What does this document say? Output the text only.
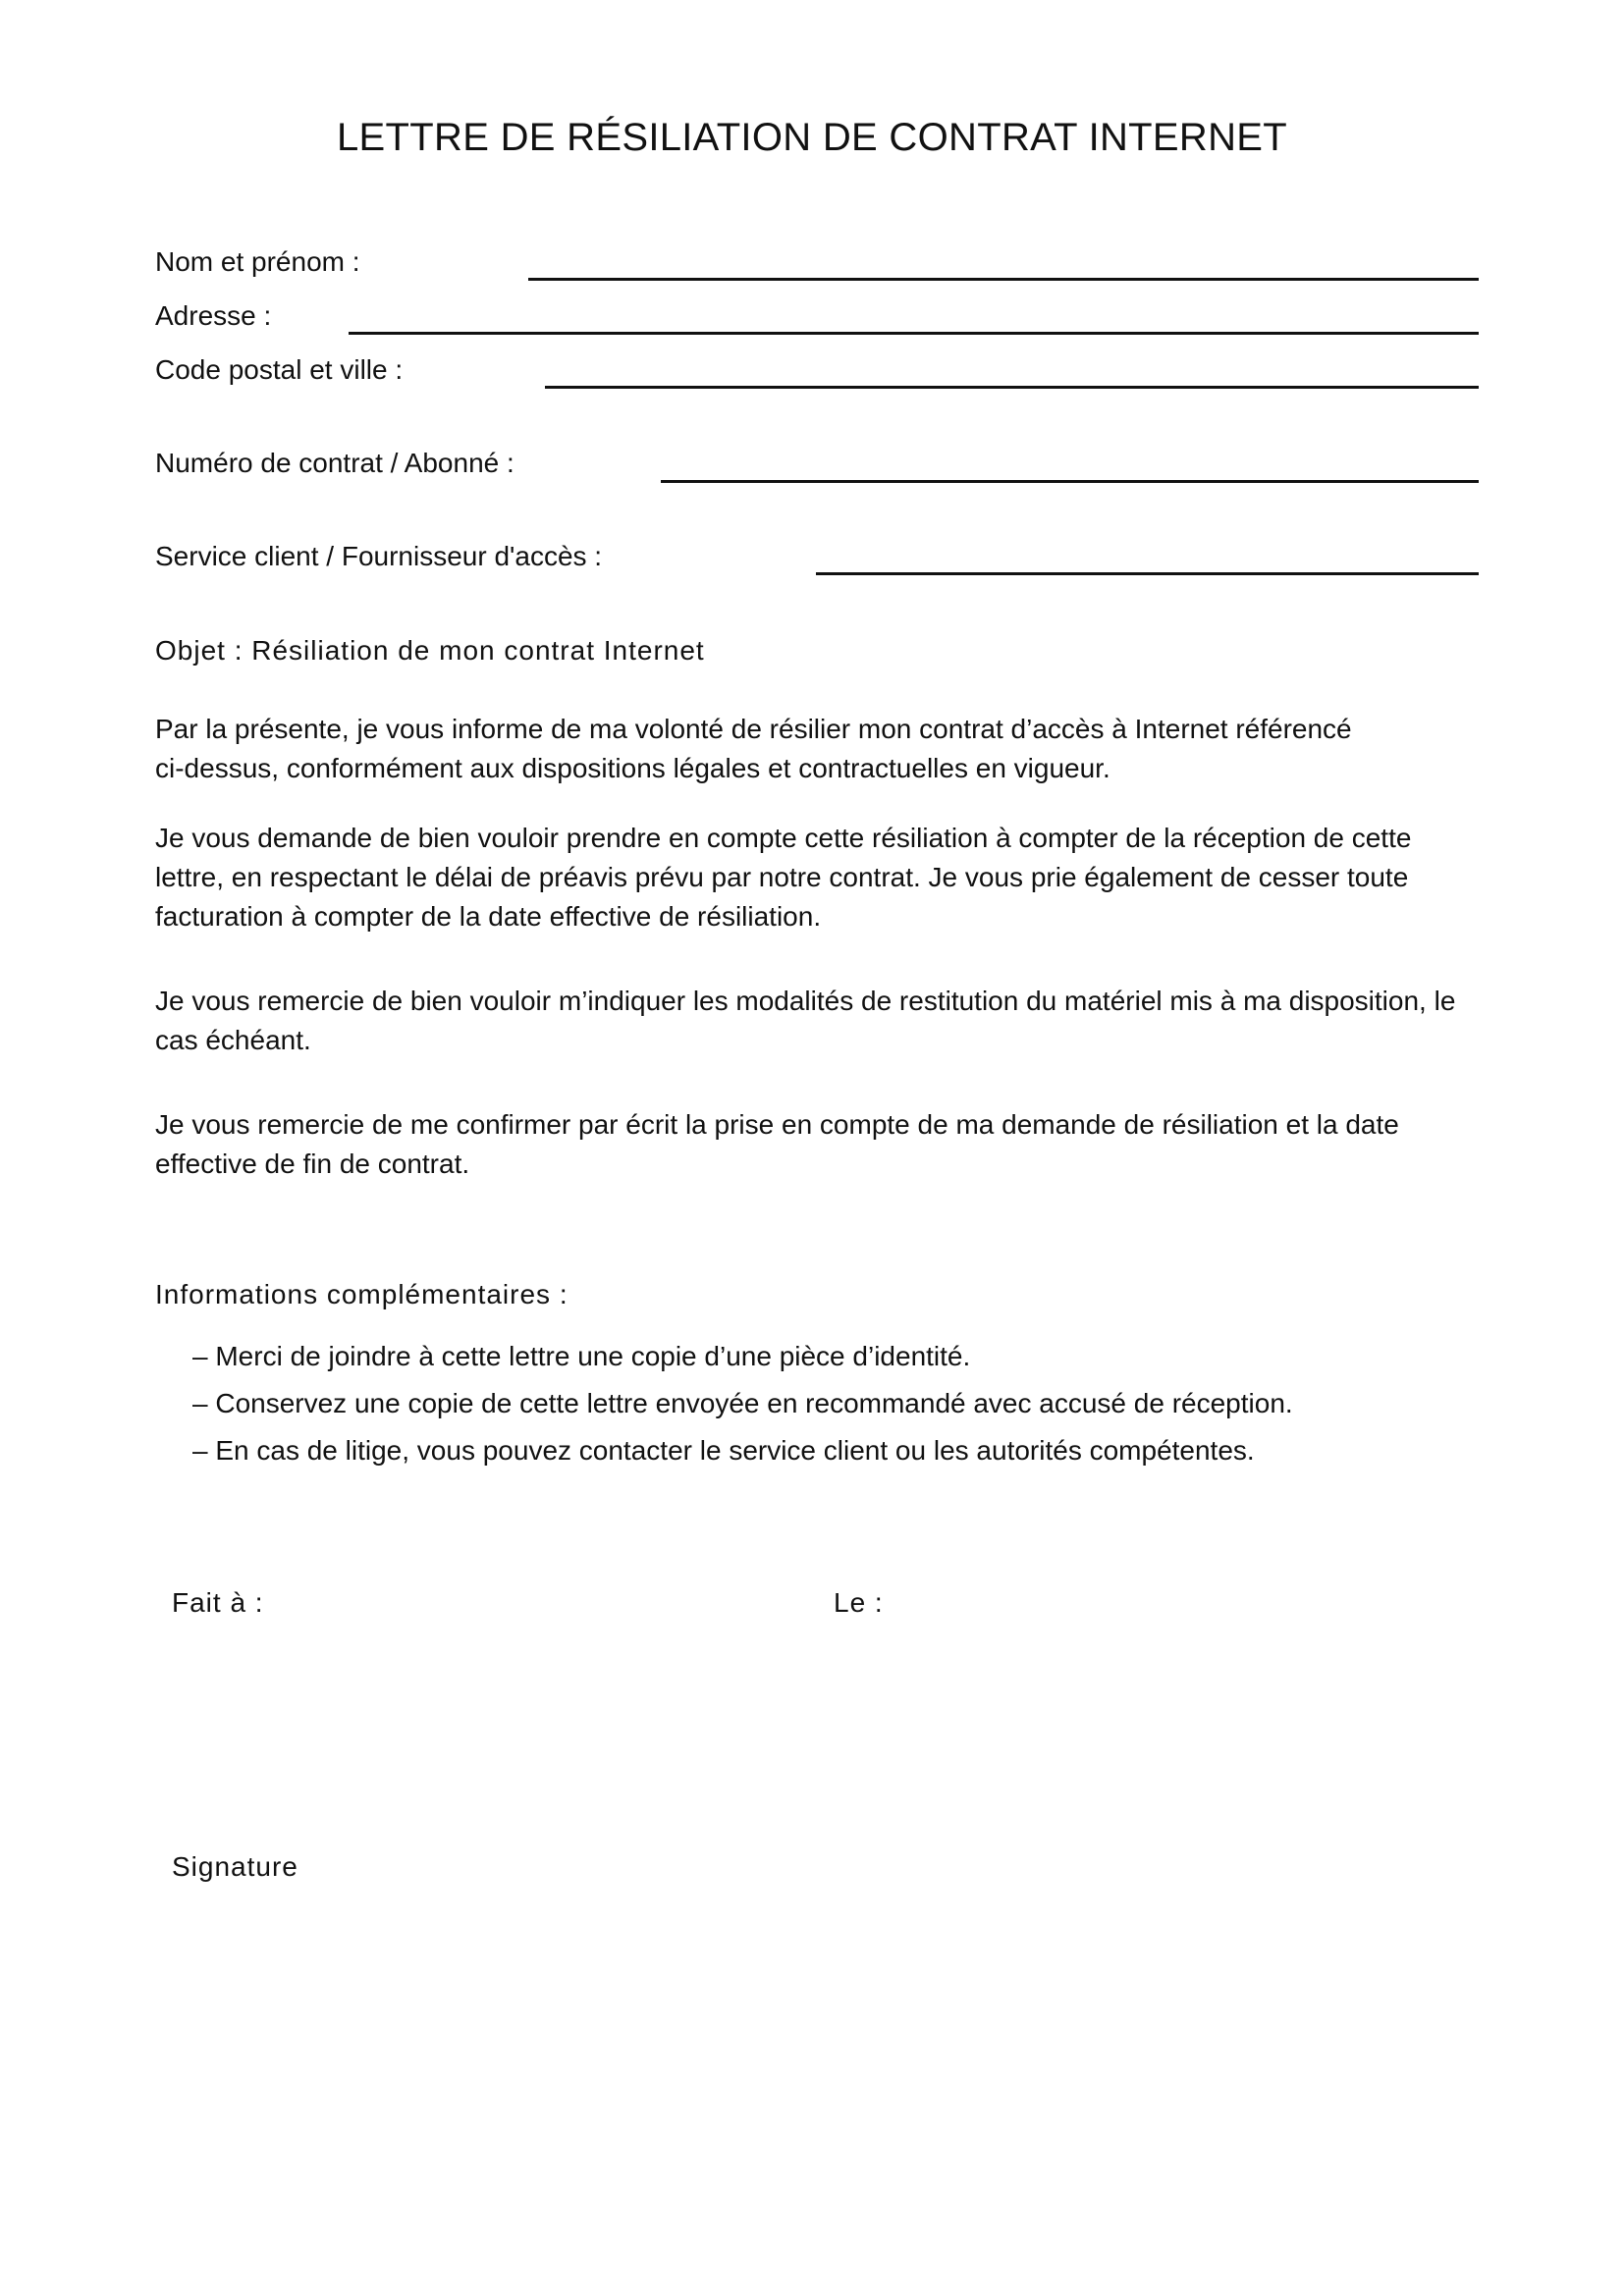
LETTRE DE RÉSILIATION DE CONTRAT INTERNET
Nom et prénom :
Adresse :
Code postal et ville :
Numéro de contrat / Abonné :
Service client / Fournisseur d'accès :
Objet : Résiliation de mon contrat Internet

Par la présente, je vous informe de ma volonté de résilier mon contrat d’accès à Internet référencé
ci-dessus, conformément aux dispositions légales et contractuelles en vigueur.

Je vous demande de bien vouloir prendre en compte cette résiliation à compter de la réception de cette lettre, en respectant le délai de préavis prévu par notre contrat. Je vous prie également de cesser toute facturation à compter de la date effective de résiliation.

Je vous remercie de bien vouloir m’indiquer les modalités de restitution du matériel mis à ma disposition, le cas échéant.

Je vous remercie de me confirmer par écrit la prise en compte de ma demande de résiliation et la date effective de fin de contrat.

Informations complémentaires :
– Merci de joindre à cette lettre une copie d’une pièce d’identité.
– Conservez une copie de cette lettre envoyée en recommandé avec accusé de réception.
– En cas de litige, vous pouvez contacter le service client ou les autorités compétentes.
Fait à :	Le :
Signature
